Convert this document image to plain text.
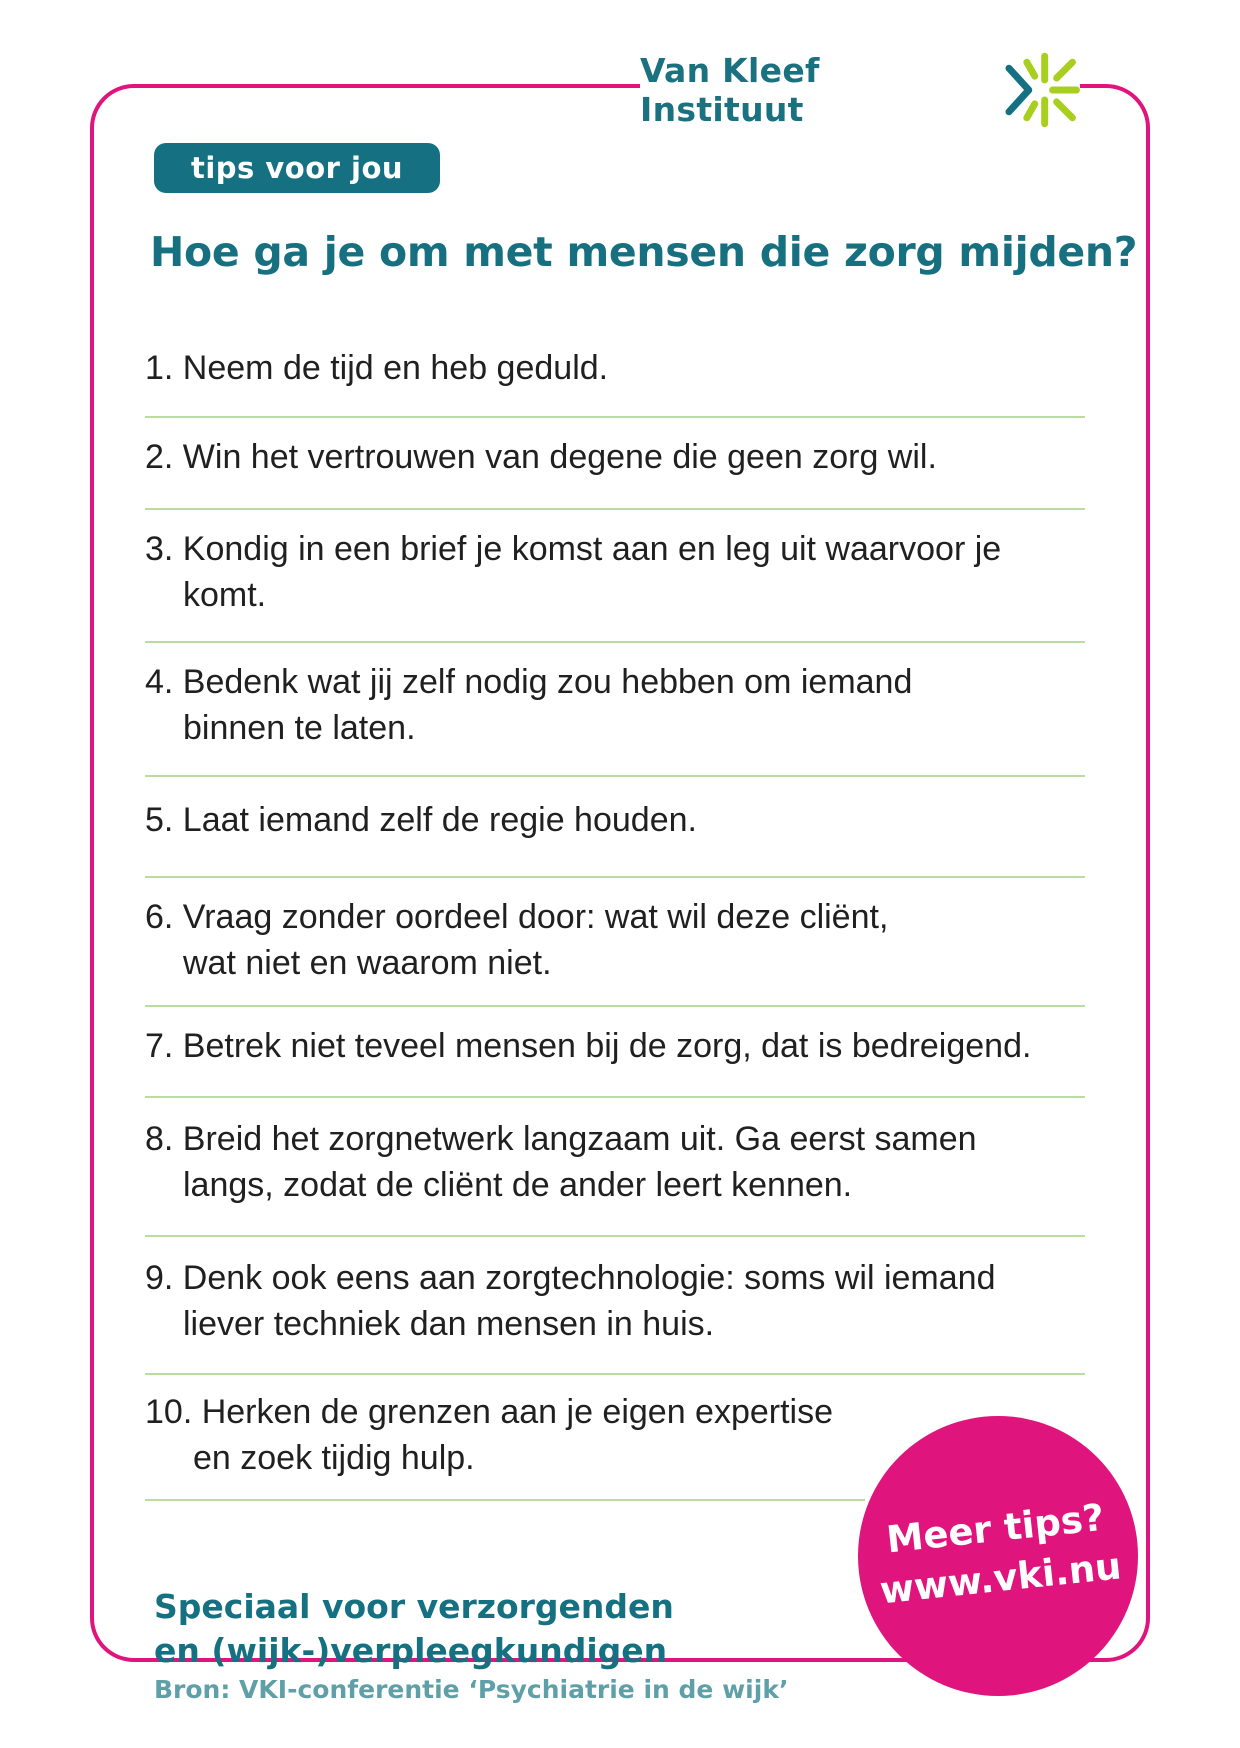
Van Kleef Instituut
tips voor jou
Hoe ga je om met mensen die zorg mijden?
1. Neem de tijd en heb geduld.
2. Win het vertrouwen van degene die geen zorg wil.
3. Kondig in een brief je komst aan en leg uit waarvoor je
komt.
4. Bedenk wat jij zelf nodig zou hebben om iemand
binnen te laten.
5. Laat iemand zelf de regie houden.
6. Vraag zonder oordeel door: wat wil deze cliënt,
wat niet en waarom niet.
7. Betrek niet teveel mensen bij de zorg, dat is bedreigend.
8. Breid het zorgnetwerk langzaam uit. Ga eerst samen
langs, zodat de cliënt de ander leert kennen.
9. Denk ook eens aan zorgtechnologie: soms wil iemand
liever techniek dan mensen in huis.
10. Herken de grenzen aan je eigen expertise
en zoek tijdig hulp.
Speciaal voor verzorgenden
en (wijk-)verpleegkundigen
Bron: VKI-conferentie ‘Psychiatrie in de wijk’
Meer tips?
www.vki.nu
